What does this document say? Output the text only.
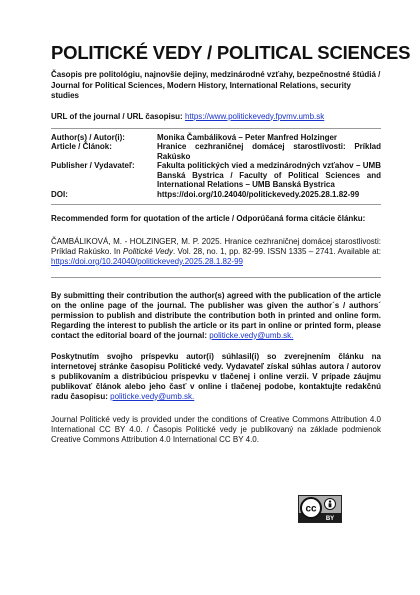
POLITICKÉ VEDY / POLITICAL SCIENCES
Časopis pre politológiu, najnovšie dejiny, medzinárodné vzťahy, bezpečnostné štúdiá / Journal for Political Sciences, Modern History, International Relations, security studies
URL of the journal / URL časopisu: https://www.politickevedy.fpvmv.umb.sk
Author(s) / Autor(i):	Monika Čambáliková – Peter Manfred Holzinger
Article / Článok:	Hranice cezhraničnej domácej starostlivosti: Príklad Rakúsko
Publisher / Vydavateľ:	Fakulta politických vied a medzinárodných vzťahov – UMB Banská Bystrica / Faculty of Political Sciences and International Relations – UMB Banská Bystrica
DOI:	https://doi.org/10.24040/politickevedy.2025.28.1.82-99
Recommended form for quotation of the article / Odporúčaná forma citácie článku:
ČAMBÁLIKOVÁ, M. - HOLZINGER, M. P. 2025. Hranice cezhraničnej domácej starostlivosti: Príklad Rakúsko. In Politické Vedy. Vol. 28, no. 1, pp. 82-99. ISSN 1335 – 2741. Available at: https://doi.org/10.24040/politickevedy.2025.28.1.82-99
By submitting their contribution the author(s) agreed with the publication of the article on the online page of the journal. The publisher was given the author´s / authors´ permission to publish and distribute the contribution both in printed and online form. Regarding the interest to publish the article or its part in online or printed form, please contact the editorial board of the journal: politicke.vedy@umb.sk.
Poskytnutím svojho príspevku autor(i) súhlasil(i) so zverejnením článku na internetovej stránke časopisu Politické vedy. Vydavateľ získal súhlas autora / autorov s publikovaním a distribúciou príspevku v tlačenej i online verzii. V prípade záujmu publikovať článok alebo jeho časť v online i tlačenej podobe, kontaktujte redakčnú radu časopisu: politicke.vedy@umb.sk.
Journal Politické vedy is provided under the conditions of Creative Commons Attribution 4.0 International CC BY 4.0. / Časopis Politické vedy je publikovaný na základe podmienok Creative Commons Attribution 4.0 International CC BY 4.0.
cc
BY
